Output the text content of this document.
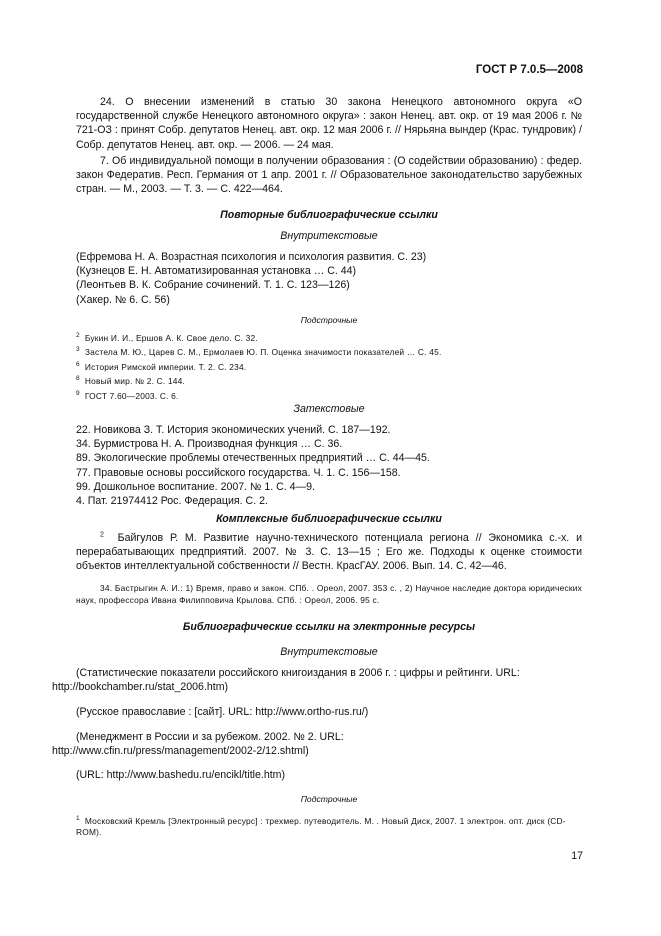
ГОСТ Р 7.0.5—2008

24. О внесении изменений в статью 30 закона Ненецкого автономного округа «О государственной службе Ненецкого автономного округа» : закон Ненец. авт. окр. от 19 мая 2006 г. № 721-ОЗ : принят Собр. депутатов Ненец. авт. окр. 12 мая 2006 г. // Нярьяна вындер (Крас. тундровик) / Собр. депутатов Ненец. авт. окр. — 2006. — 24 мая.

7. Об индивидуальной помощи в получении образования : (О содействии образованию) : федер. закон Федератив. Респ. Германия от 1 апр. 2001 г. // Образовательное законодательство зарубежных стран. — М., 2003. — Т. 3. — С. 422—464.

Повторные библиографические ссылки

Внутритекстовые

(Ефремова Н. А. Возрастная психология и психология развития. С. 23)

(Кузнецов Е. Н. Автоматизированная установка … С. 44)

(Леонтьев В. К. Собрание сочинений. Т. 1. С. 123—126)

(Хакер. № 6. С. 56)

Подстрочные

$^2$ Букин И. И., Ершов А. К. Свое дело. С. 32.

$^3$ Застела М. Ю., Царев С. М., Ермолаев Ю. П. Оценка значимости показателей … С. 45.

$^6$ История Римской империи. Т. 2. С. 234.

$^8$ Новый мир. № 2. С. 144.

$^9$ ГОСТ 7.60—2003. С. 6.

Затекстовые

22. Новикова З. Т. История экономических учений. С. 187—192.

34. Бурмистрова Н. А. Производная функция … С. 36.

89. Экологические проблемы отечественных предприятий … С. 44—45.

77. Правовые основы российского государства. Ч. 1. С. 156—158.

99. Дошкольное воспитание. 2007. № 1. С. 4—9.

4. Пат. 21974412 Рос. Федерация. С. 2.

Комплексные библиографические ссылки

$^2$ Байгулов Р. М. Развитие научно-технического потенциала региона // Экономика с.-х. и перерабатывающих предприятий. 2007. № 3. С. 13—15 ; Его же. Подходы к оценке стоимости объектов интеллектуальной собственности // Вестн. КрасГАУ. 2006. Вып. 14. С. 42—46.

34. Бастрыгин А. И.: 1) Время, право и закон. СПб. . Ореол, 2007. 353 с. , 2) Научное наследие доктора юридических наук, профессора Ивана Филипповича Крылова. СПб. : Ореол, 2006. 95 с.

Библиографические ссылки на электронные ресурсы

Внутритекстовые

(Статистические показатели российского книгоиздания в 2006 г. : цифры и рейтинги. URL:

http://bookchamber.ru/stat_2006.htm)

(Русское православие : [сайт]. URL: http://www.ortho-rus.ru/)

(Менеджмент в России и за рубежом. 2002. № 2. URL:

http://www.cfin.ru/press/management/2002-2/12.shtml)

(URL: http://www.bashedu.ru/encikl/title.htm)

Подстрочные

$^1$ Московский Кремль [Электронный ресурс] : трехмер. путеводитель. М. . Новый Диск, 2007. 1 электрон. опт. диск (CD-ROM).

17
